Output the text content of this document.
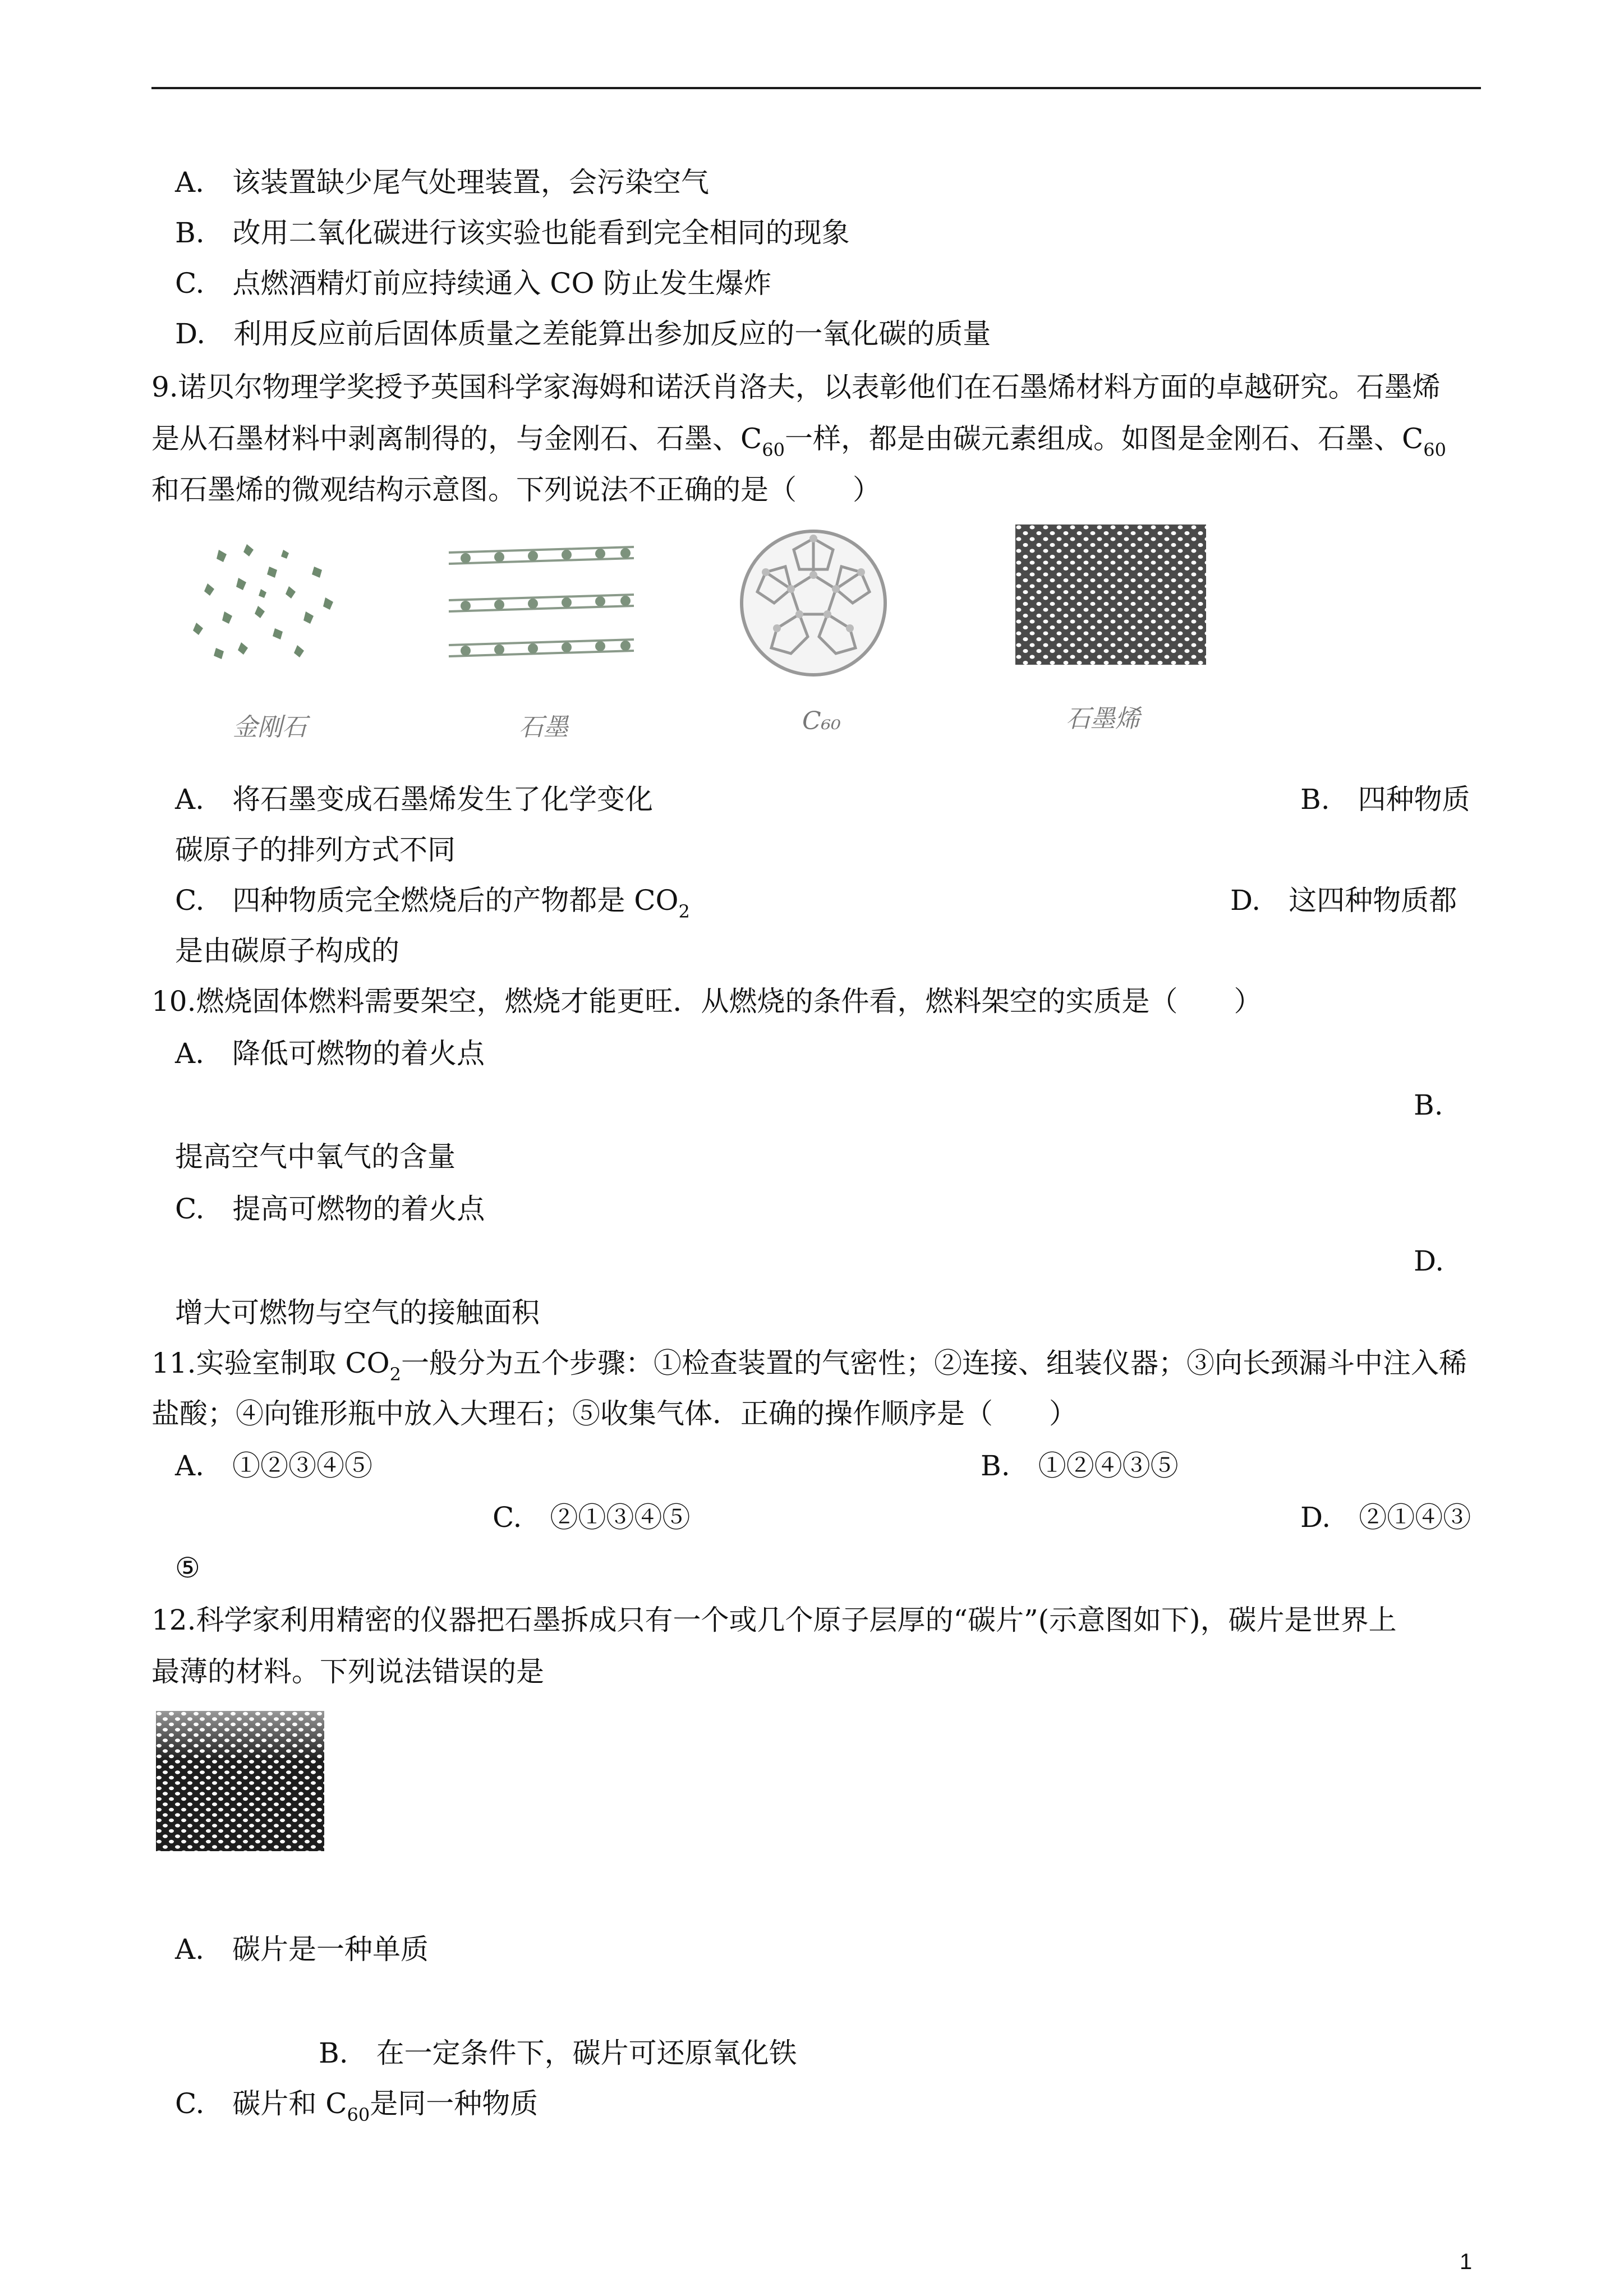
A.　该装置缺少尾气处理装置，会污染空气
B.　改用二氧化碳进行该实验也能看到完全相同的现象
C.　点燃酒精灯前应持续通入 CO 防止发生爆炸
D.　利用反应前后固体质量之差能算出参加反应的一氧化碳的质量
9.诺贝尔物理学奖授予英国科学家海姆和诺沃肖洛夫，以表彰他们在石墨烯材料方面的卓越研究。石墨烯
是从石墨材料中剥离制得的，与金刚石、石墨、$C_{60}$一样，都是由碳元素组成。如图是金刚石、石墨、$C_{60}$
和石墨烯的微观结构示意图。下列说法不正确的是（　　）
金刚石	石墨	C₆₀	石墨烯
A.　将石墨变成石墨烯发生了化学变化	B.　四种物质
碳原子的排列方式不同
C.　四种物质完全燃烧后的产物都是 $CO_2$	D.　这四种物质都
是由碳原子构成的
10.燃烧固体燃料需要架空，燃烧才能更旺．从燃烧的条件看，燃料架空的实质是（　　）
A.　降低可燃物的着火点
B.
提高空气中氧气的含量
C.　提高可燃物的着火点
D.
增大可燃物与空气的接触面积
11.实验室制取 $CO_2$一般分为五个步骤：①检查装置的气密性；②连接、组装仪器；③向长颈漏斗中注入稀
盐酸；④向锥形瓶中放入大理石；⑤收集气体．正确的操作顺序是（　　）
A.　①②③④⑤	B.　①②④③⑤
C.　②①③④⑤	D.　②①④③
⑤
12.科学家利用精密的仪器把石墨拆成只有一个或几个原子层厚的“碳片”(示意图如下)，碳片是世界上
最薄的材料。下列说法错误的是
A.　碳片是一种单质
B.　在一定条件下，碳片可还原氧化铁
C.　碳片和 $C_{60}$是同一种物质
1
